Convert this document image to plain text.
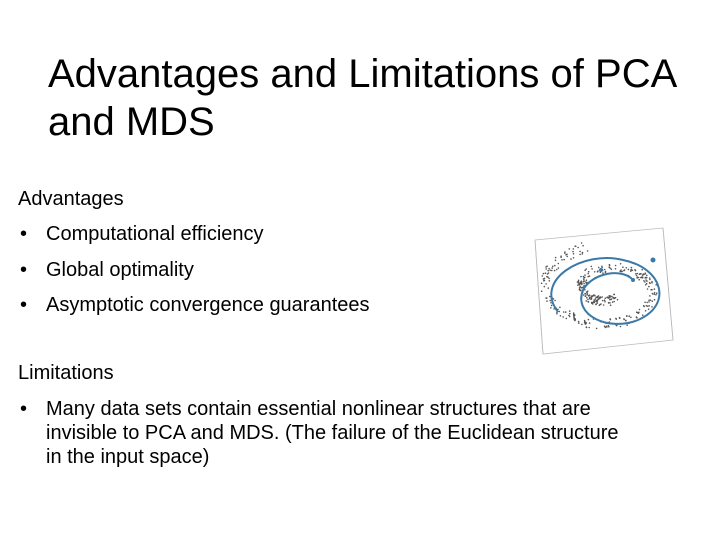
Advantages and Limitations of PCA and MDS
Advantages
• Computational efficiency
• Global optimality
• Asymptotic convergence guarantees
Limitations
• Many data sets contain essential nonlinear structures that are invisible to PCA and MDS. (The failure of the Euclidean structure in the input space)
